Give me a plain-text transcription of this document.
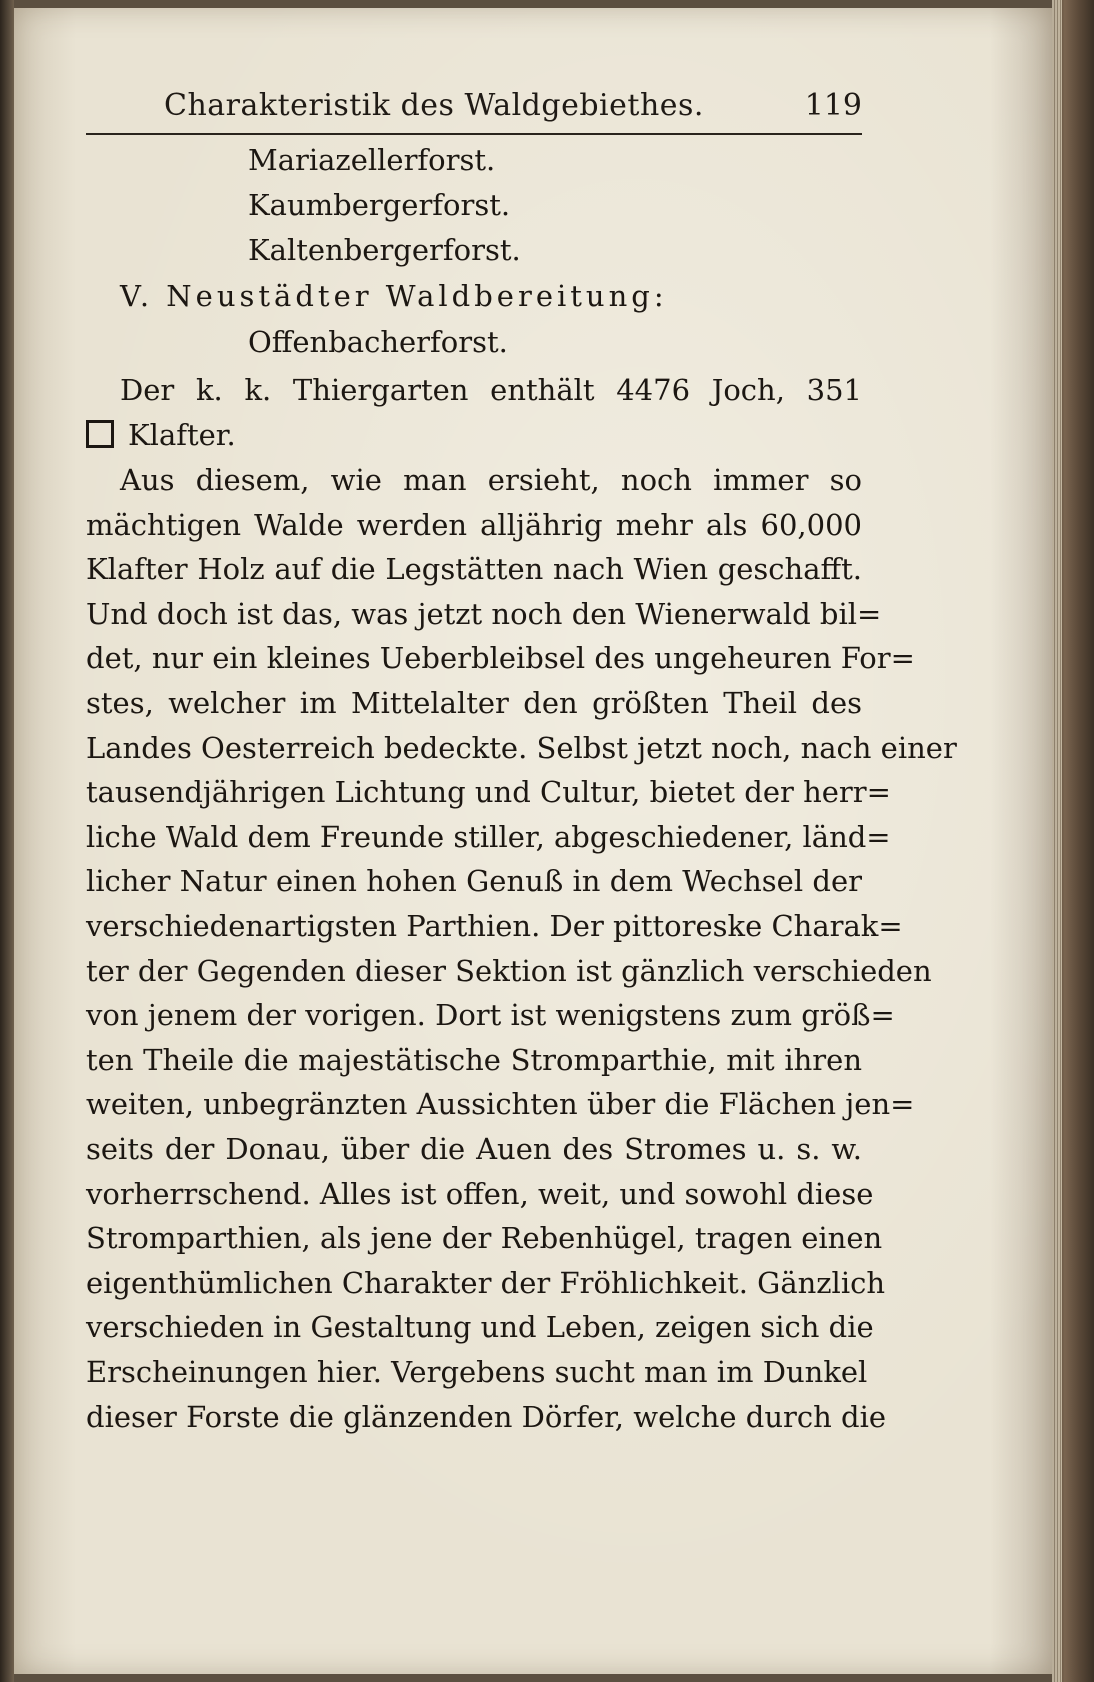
Charakteristik des Waldgebiethes.	119
Mariazellerforst.
Kaumbergerforst.
Kaltenbergerforst.
V. Neustädter Waldbereitung:
Offenbacherforst.
Der k. k. Thiergarten enthält 4476 Joch, 351
Klafter.
Aus diesem, wie man ersieht, noch immer so
mächtigen Walde werden alljährig mehr als 60,000
Klafter Holz auf die Legstätten nach Wien geschafft.
Und doch ist das, was jetzt noch den Wienerwald bil=
det, nur ein kleines Ueberbleibsel des ungeheuren For=
stes, welcher im Mittelalter den größten Theil des
Landes Oesterreich bedeckte. Selbst jetzt noch, nach einer
tausendjährigen Lichtung und Cultur, bietet der herr=
liche Wald dem Freunde stiller, abgeschiedener, länd=
licher Natur einen hohen Genuß in dem Wechsel der
verschiedenartigsten Parthien. Der pittoreske Charak=
ter der Gegenden dieser Sektion ist gänzlich verschieden
von jenem der vorigen. Dort ist wenigstens zum größ=
ten Theile die majestätische Stromparthie, mit ihren
weiten, unbegränzten Aussichten über die Flächen jen=
seits der Donau, über die Auen des Stromes u. s. w.
vorherrschend. Alles ist offen, weit, und sowohl diese
Stromparthien, als jene der Rebenhügel, tragen einen
eigenthümlichen Charakter der Fröhlichkeit. Gänzlich
verschieden in Gestaltung und Leben, zeigen sich die
Erscheinungen hier. Vergebens sucht man im Dunkel
dieser Forste die glänzenden Dörfer, welche durch die
